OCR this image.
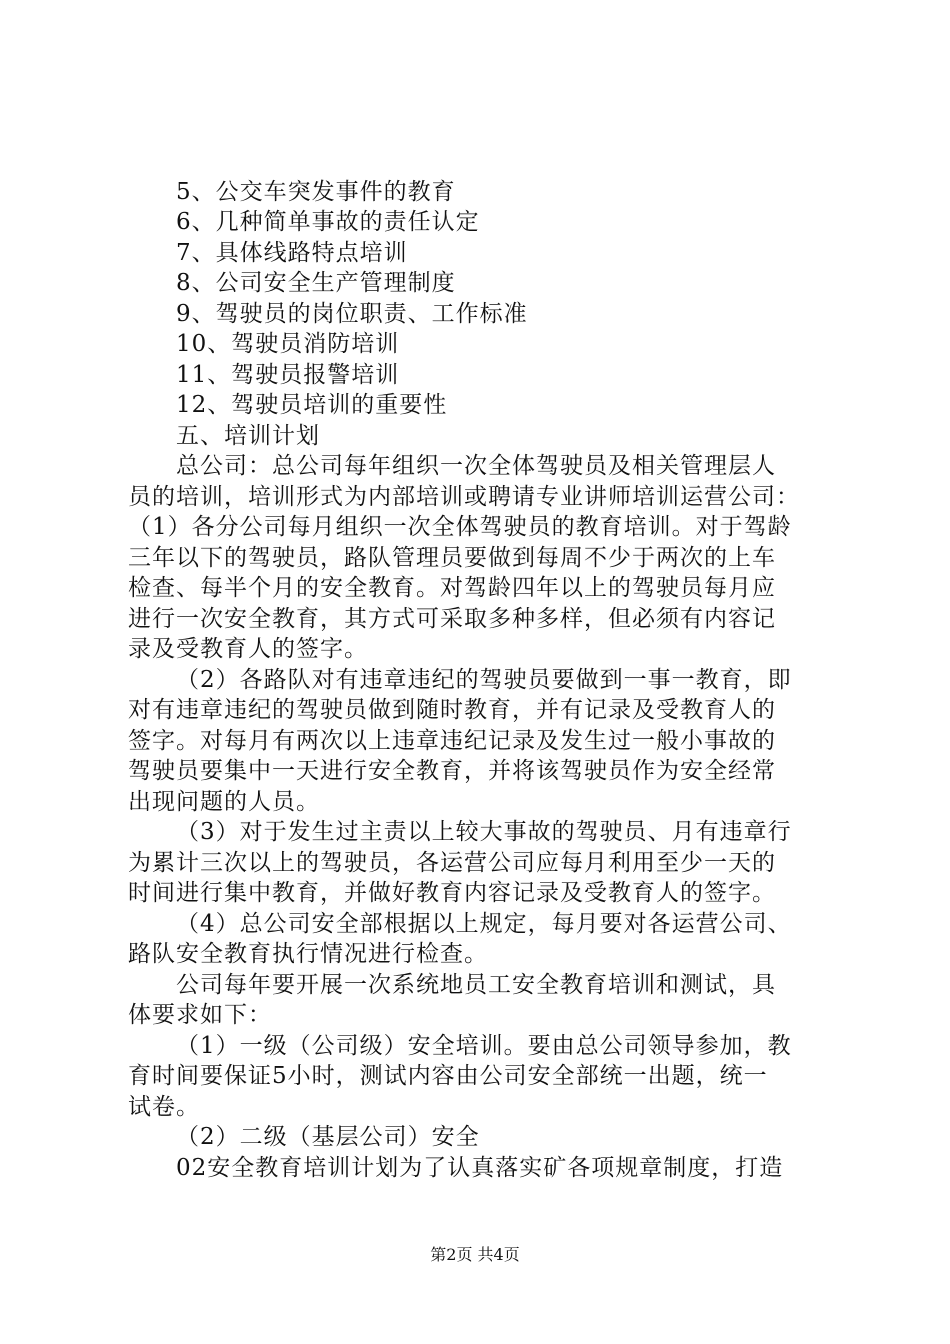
5、公交车突发事件的教育
6、几种简单事故的责任认定
7、具体线路特点培训
8、公司安全生产管理制度
9、驾驶员的岗位职责、工作标准
10、驾驶员消防培训
11、驾驶员报警培训
12、驾驶员培训的重要性
五、培训计划
总公司：总公司每年组织一次全体驾驶员及相关管理层人
员的培训，培训形式为内部培训或聘请专业讲师培训运营公司：
（1）各分公司每月组织一次全体驾驶员的教育培训。对于驾龄
三年以下的驾驶员，路队管理员要做到每周不少于两次的上车
检查、每半个月的安全教育。对驾龄四年以上的驾驶员每月应
进行一次安全教育，其方式可采取多种多样，但必须有内容记
录及受教育人的签字。
（2）各路队对有违章违纪的驾驶员要做到一事一教育，即
对有违章违纪的驾驶员做到随时教育，并有记录及受教育人的
签字。对每月有两次以上违章违纪记录及发生过一般小事故的
驾驶员要集中一天进行安全教育，并将该驾驶员作为安全经常
出现问题的人员。
（3）对于发生过主责以上较大事故的驾驶员、月有违章行
为累计三次以上的驾驶员，各运营公司应每月利用至少一天的
时间进行集中教育，并做好教育内容记录及受教育人的签字。
（4）总公司安全部根据以上规定，每月要对各运营公司、
路队安全教育执行情况进行检查。
公司每年要开展一次系统地员工安全教育培训和测试，具
体要求如下：
（1）一级（公司级）安全培训。要由总公司领导参加，教
育时间要保证5小时，测试内容由公司安全部统一出题，统一
试卷。
（2）二级（基层公司）安全
02安全教育培训计划为了认真落实矿各项规章制度，打造
第2页 共4页
